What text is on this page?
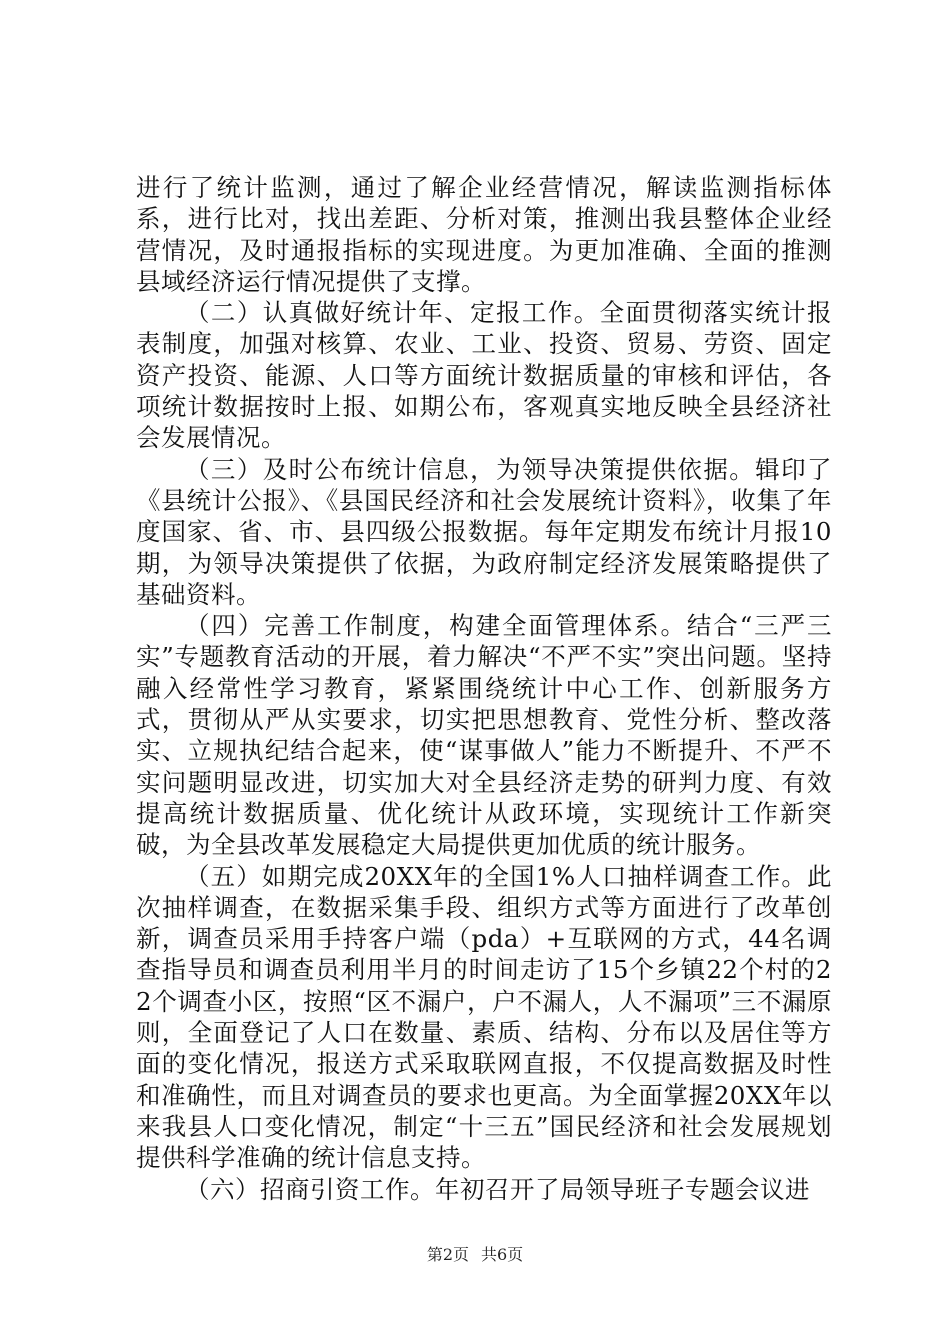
进行了统计监测，通过了解企业经营情况，解读监测指标体系，进行比对，找出差距、分析对策，推测出我县整体企业经营情况，及时通报指标的实现进度。为更加准确、全面的推测县域经济运行情况提供了支撑。

（二）认真做好统计年、定报工作。全面贯彻落实统计报表制度，加强对核算、农业、工业、投资、贸易、劳资、固定资产投资、能源、人口等方面统计数据质量的审核和评估，各项统计数据按时上报、如期公布，客观真实地反映全县经济社会发展情况。

（三）及时公布统计信息，为领导决策提供依据。辑印了《县统计公报》、《县国民经济和社会发展统计资料》，收集了年度国家、省、市、县四级公报数据。每年定期发布统计月报10期，为领导决策提供了依据，为政府制定经济发展策略提供了基础资料。

（四）完善工作制度，构建全面管理体系。结合“三严三实”专题教育活动的开展，着力解决“不严不实”突出问题。坚持融入经常性学习教育，紧紧围绕统计中心工作、创新服务方式，贯彻从严从实要求，切实把思想教育、党性分析、整改落实、立规执纪结合起来，使“谋事做人”能力不断提升、不严不实问题明显改进，切实加大对全县经济走势的研判力度、有效提高统计数据质量、优化统计从政环境，实现统计工作新突破，为全县改革发展稳定大局提供更加优质的统计服务。

（五）如期完成20XX年的全国1%人口抽样调查工作。此次抽样调查，在数据采集手段、组织方式等方面进行了改革创新，调查员采用手持客户端（pda）+互联网的方式，44名调查指导员和调查员利用半月的时间走访了15个乡镇22个村的22个调查小区，按照“区不漏户，户不漏人，人不漏项”三不漏原则，全面登记了人口在数量、素质、结构、分布以及居住等方面的变化情况，报送方式采取联网直报，不仅提高数据及时性和准确性，而且对调查员的要求也更高。为全面掌握20XX年以来我县人口变化情况，制定“十三五”国民经济和社会发展规划提供科学准确的统计信息支持。

（六）招商引资工作。年初召开了局领导班子专题会议进

第2页 共6页
